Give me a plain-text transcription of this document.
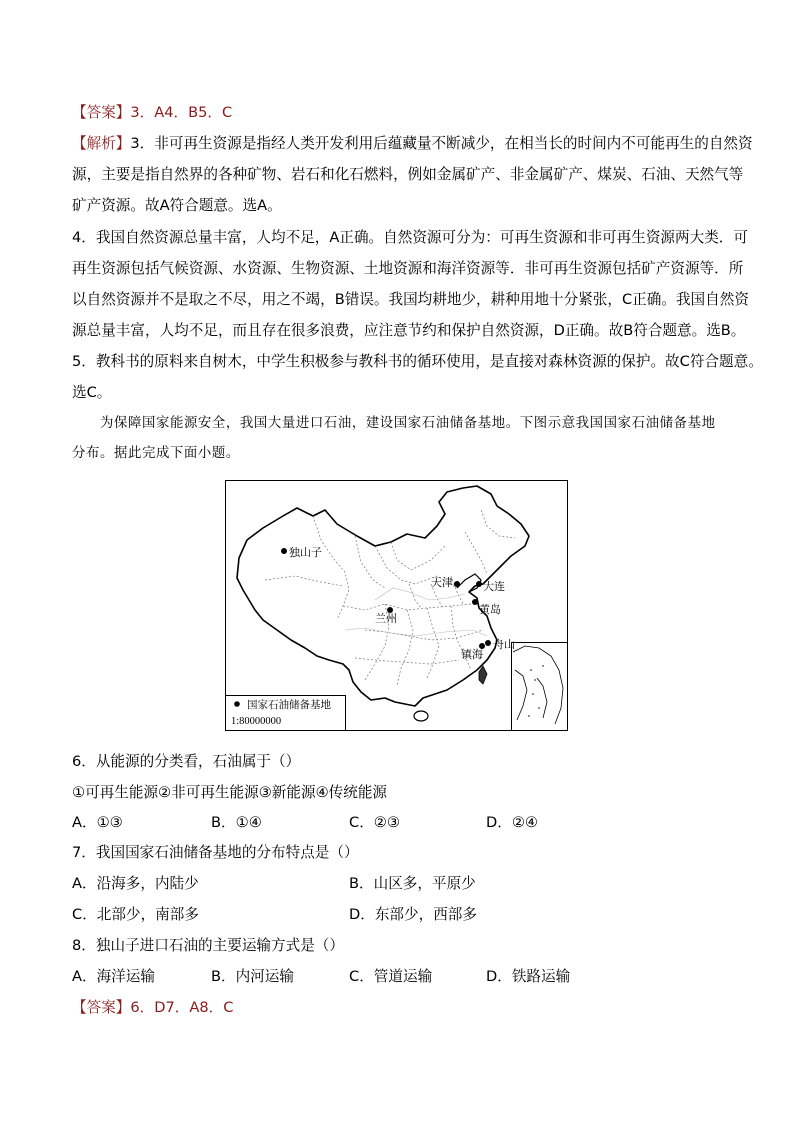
【答案】3．A4．B5．C
【解析】3．非可再生资源是指经人类开发利用后蕴藏量不断减少，在相当长的时间内不可能再生的自然资
源，主要是指自然界的各种矿物、岩石和化石燃料，例如金属矿产、非金属矿产、煤炭、石油、天然气等
矿产资源。故A符合题意。选A。
4．我国自然资源总量丰富，人均不足，A正确。自然资源可分为：可再生资源和非可再生资源两大类．可
再生资源包括气候资源、水资源、生物资源、土地资源和海洋资源等．非可再生资源包括矿产资源等．所
以自然资源并不是取之不尽，用之不竭，B错误。我国均耕地少，耕种用地十分紧张，C正确。我国自然资
源总量丰富，人均不足，而且存在很多浪费，应注意节约和保护自然资源，D正确。故B符合题意。选B。
5．教科书的原料来自树木，中学生积极参与教科书的循环使用，是直接对森林资源的保护。故C符合题意。
选C。
为保障国家能源安全，我国大量进口石油，建设国家石油储备基地。下图示意我国国家石油储备基地
分布。据此完成下面小题。
国家石油储备基地
1:80000000
独山子
天津	大连
黄岛
兰州
舟山
镇海
6．从能源的分类看，石油属于（）
①可再生能源②非可再生能源③新能源④传统能源
A．①③	B．①④	C．②③	D．②④
7．我国国家石油储备基地的分布特点是（）
A．沿海多，内陆少	B．山区多，平原少
C．北部少，南部多	D．东部少，西部多
8．独山子进口石油的主要运输方式是（）
A．海洋运输	B．内河运输	C．管道运输	D．铁路运输
【答案】6．D7．A8．C
